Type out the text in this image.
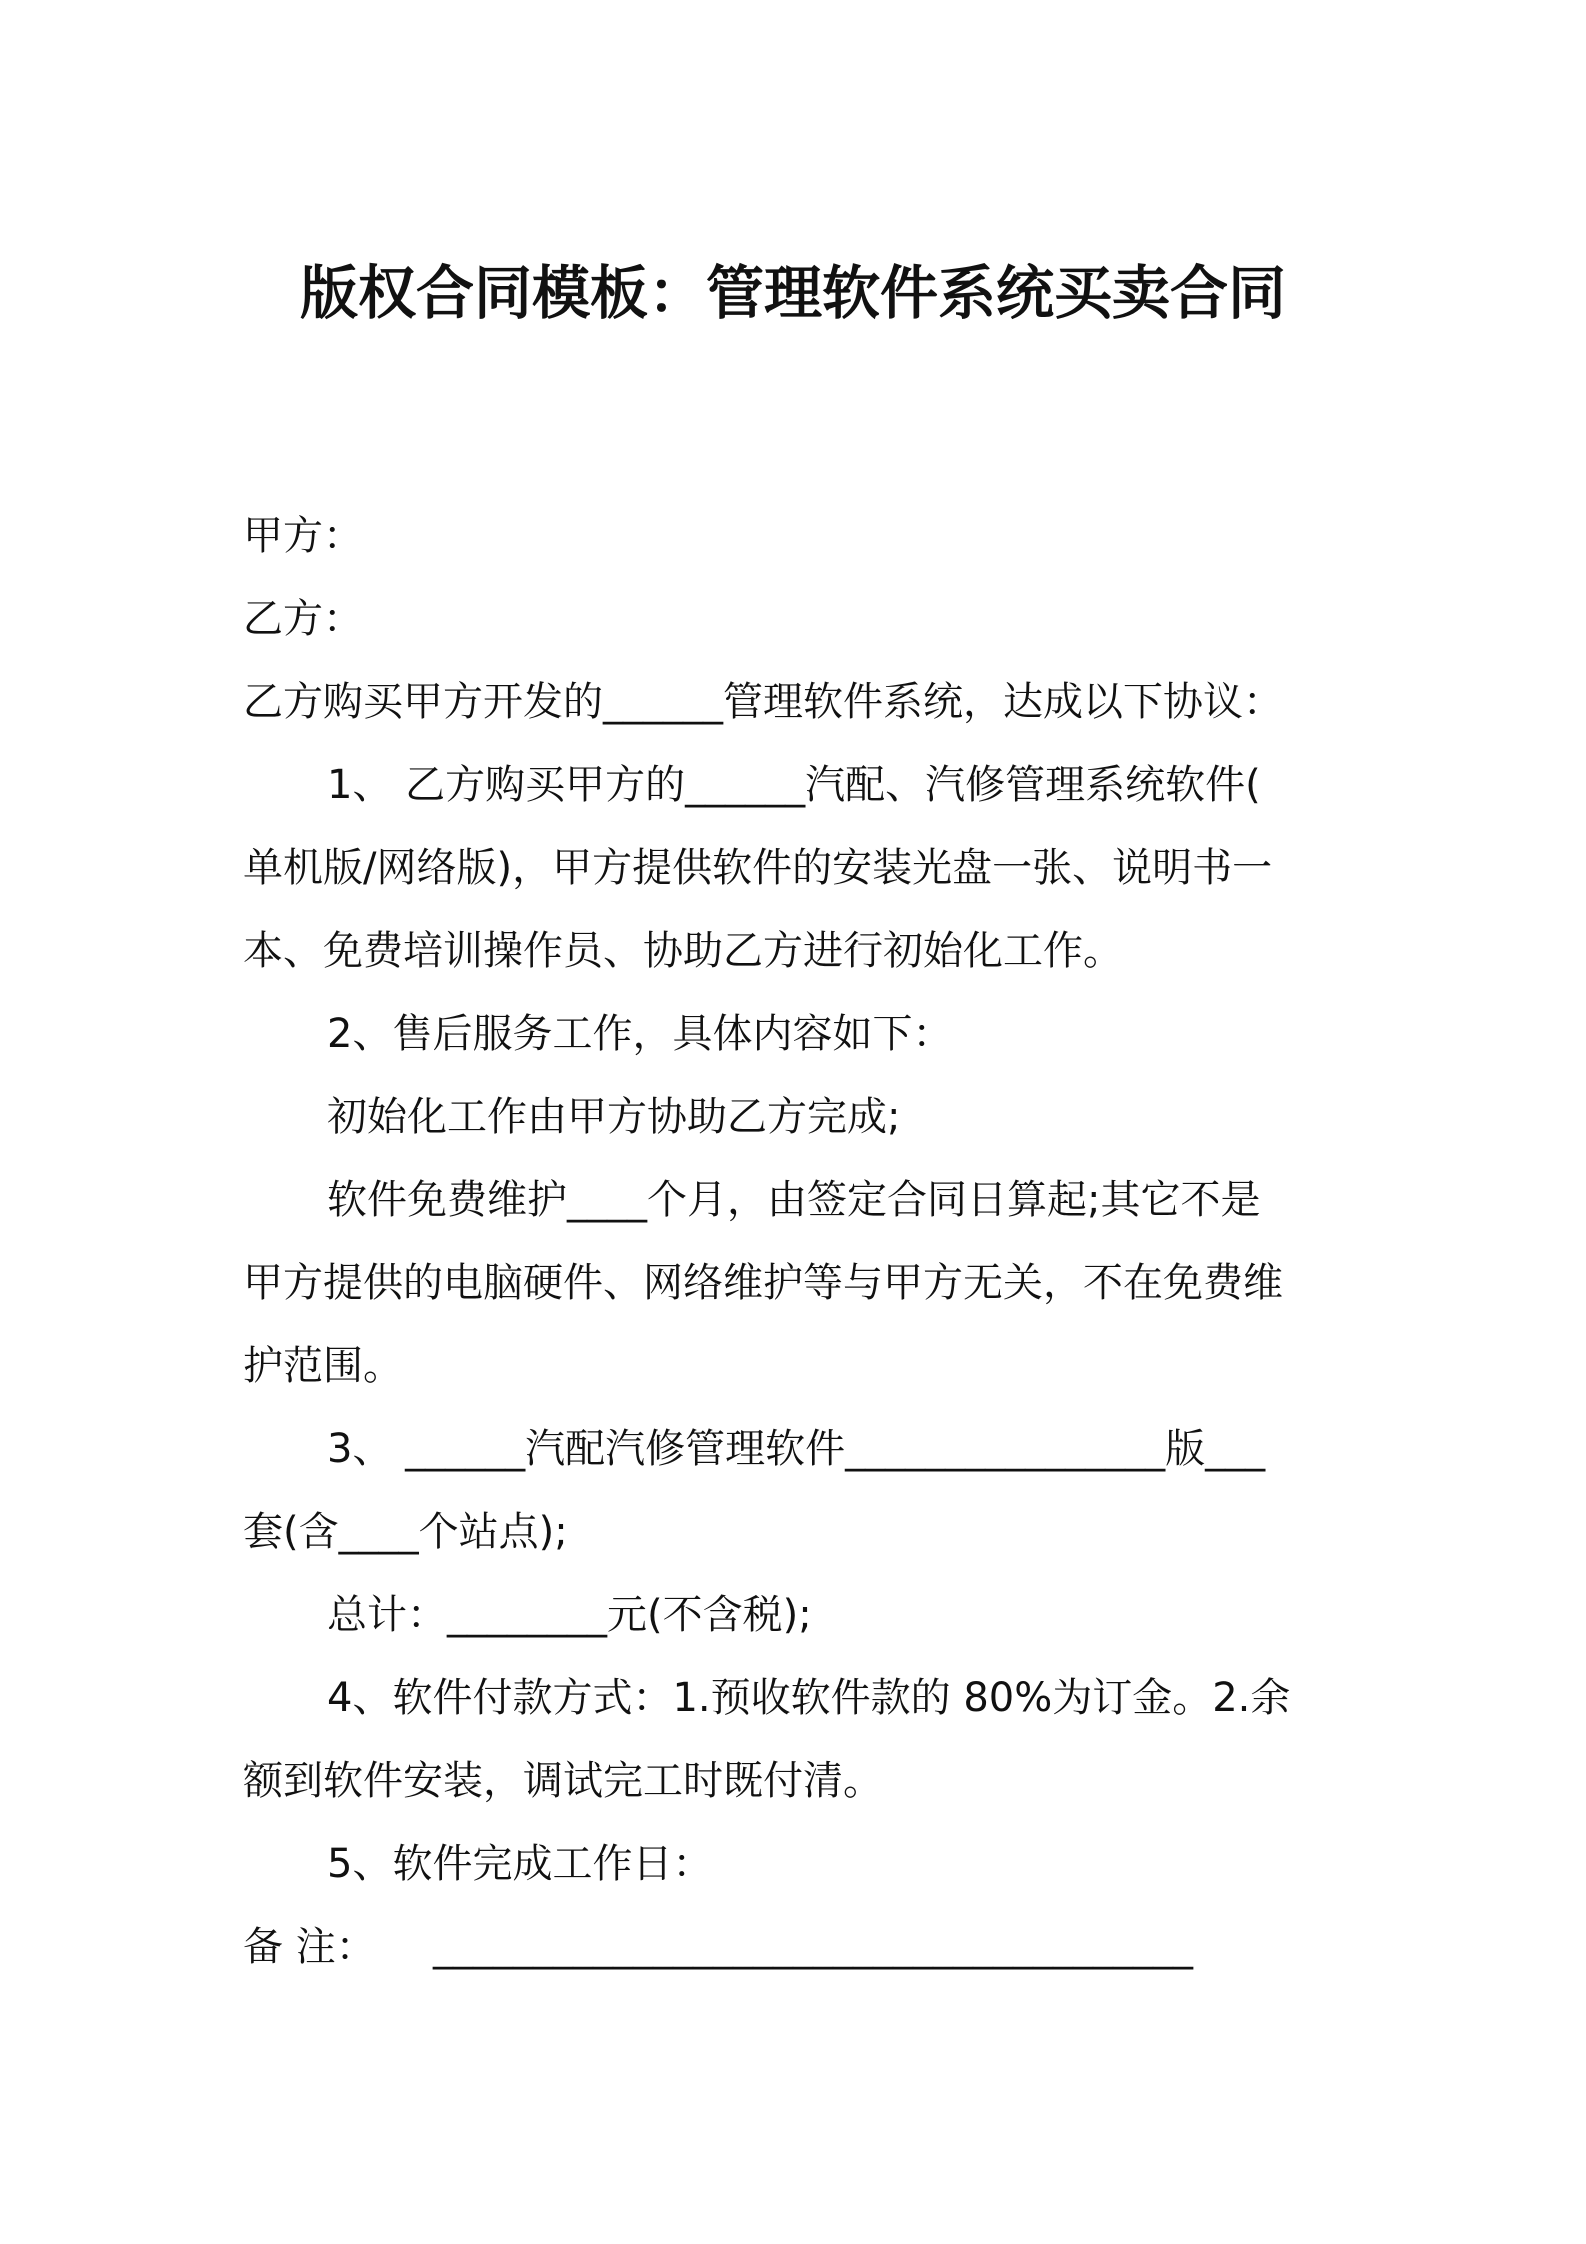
版权合同模板：管理软件系统买卖合同
甲方：
乙方：
乙方购买甲方开发的______管理软件系统，达成以下协议：
1、 乙方购买甲方的______汽配、汽修管理系统软件(
单机版/网络版)，甲方提供软件的安装光盘一张、说明书一
本、免费培训操作员、协助乙方进行初始化工作。
2、售后服务工作，具体内容如下：
初始化工作由甲方协助乙方完成;
软件免费维护____个月，由签定合同日算起;其它不是
甲方提供的电脑硬件、网络维护等与甲方无关，不在免费维
护范围。
3、 ______汽配汽修管理软件________________版___
套(含____个站点);
总计：________元(不含税);
4、软件付款方式：1.预收软件款的 80%为订金。2.余
额到软件安装，调试完工时既付清。
5、软件完成工作日：
备 注： ______________________________________
